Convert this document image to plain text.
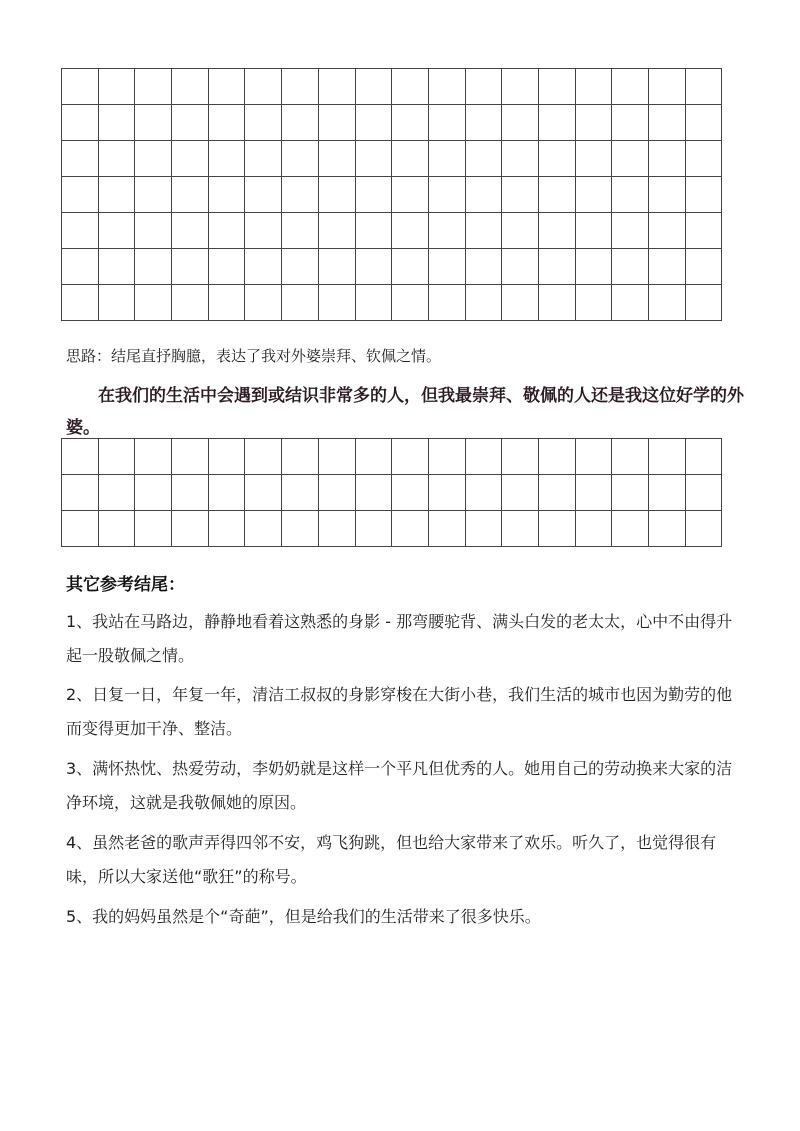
思路：结尾直抒胸臆，表达了我对外婆崇拜、钦佩之情。
在我们的生活中会遇到或结识非常多的人，但我最崇拜、敬佩的人还是我这位好学的外婆。

其它参考结尾：
1、我站在马路边，静静地看着这熟悉的身影 - 那弯腰驼背、满头白发的老太太，心中不由得升起一股敬佩之情。
2、日复一日，年复一年，清洁工叔叔的身影穿梭在大街小巷，我们生活的城市也因为勤劳的他而变得更加干净、整洁。
3、满怀热忱、热爱劳动，李奶奶就是这样一个平凡但优秀的人。她用自己的劳动换来大家的洁净环境，这就是我敬佩她的原因。
4、虽然老爸的歌声弄得四邻不安，鸡飞狗跳，但也给大家带来了欢乐。听久了，也觉得很有味，所以大家送他“歌狂”的称号。
5、我的妈妈虽然是个“奇葩”，但是给我们的生活带来了很多快乐。
